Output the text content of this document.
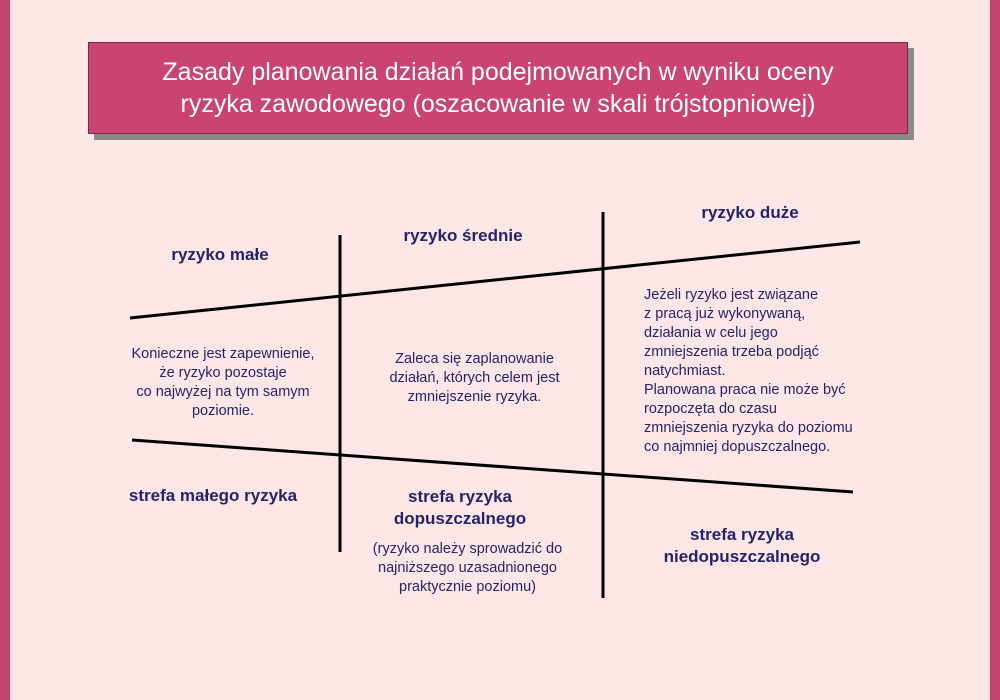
Zasady planowania działań podejmowanych w wyniku oceny
ryzyka zawodowego (oszacowanie w skali trójstopniowej)
ryzyko małe
ryzyko średnie
ryzyko duże
Konieczne jest zapewnienie,
że ryzyko pozostaje
co najwyżej na tym samym
poziomie.
Zaleca się zaplanowanie
działań, których celem jest
zmniejszenie ryzyka.
Jeżeli ryzyko jest związane
z pracą już wykonywaną,
działania w celu jego
zmniejszenia trzeba podjąć
natychmiast.
Planowana praca nie może być
rozpoczęta do czasu
zmniejszenia ryzyka do poziomu
co najmniej dopuszczalnego.
strefa małego ryzyka	strefa ryzyka
dopuszczalnego
(ryzyko należy sprowadzić do
najniższego uzasadnionego
praktycznie poziomu)
strefa ryzyka
niedopuszczalnego
